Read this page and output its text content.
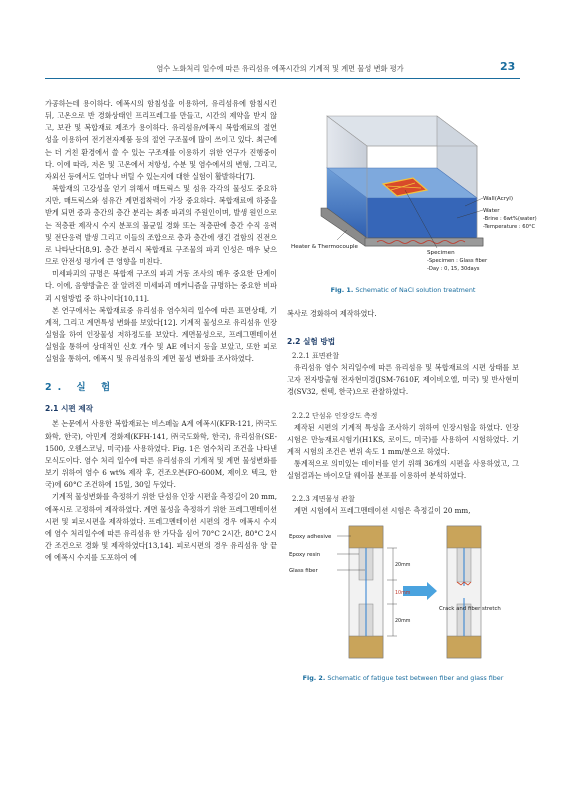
염수 노화처리 일수에 따른 유리섬유 에폭시간의 기계적 및 계면 물성 변화 평가	23

가공하는데 용이하다. 에폭시의 함침성을 이용하여, 유리섬유에 함침시킨 뒤, 고온으로 반 경화상태인 프리프레그를 만들고, 시간의 제약을 받지 않고, 보관 및 복합재료 제조가 용이하다. 유리섬유/에폭시 복합재료의 절연성을 이용하여 전기전자제품 등의 절연 구조물에 많이 쓰이고 있다. 최근에는 더 거친 환경에서 쓸 수 있는 구조재를 이용하기 위한 연구가 진행중이다. 이에 따라, 저온 및 고온에서 저항성, 수분 및 염수에서의 변형, 그리고, 자외선 등에서도 얼마나 버틸 수 있는지에 대한 실험이 활발하다[7].

복합재의 고강성을 얻기 위해서 매트릭스 및 섬유 각각의 물성도 중요하지만, 매트릭스와 섬유간 계면접착력이 가장 중요하다. 복합재료에 하중을 받게 되면 증과 층간의 층간 분리는 최종 파괴의 주원인이며, 발생 원인으로는 적층판 제작시 수지 분포의 불균일 경화 또는 적층판에 층간 수직 응력 및 전단응력 발생 그리고 이들의 조합으로 층과 층간에 생긴 결함의 진전으로 나타난다[8,9]. 층간 분리시 복합재료 구조물의 파괴 인성은 매우 낮으므로 안전성 평가에 큰 영향을 미친다.

미세파괴의 규명은 복합재 구조의 파괴 거동 조사의 매우 중요한 단계이다. 이에, 음향방출은 잘 알려진 미세파괴 메커니즘을 규명하는 중요한 비파괴 시험방법 중 하나이다[10,11].

본 연구에서는 복합재료중 유리섬유 염수처리 일수에 따른 표면상태, 기계적, 그리고 계면특성 변화를 보았다[12]. 기계적 물성으로 유리섬유 인장실험을 하여 인장물성 저하정도를 보았다. 계면물성으로, 프레그멘테이션 실험을 통하여 상대적인 신호 개수 및 AE 에너지 등을 보았고, 또한 피로 실험을 통하여, 에폭시 및 유리섬유의 계면 물성 변화를 조사하였다.

2. 실 험
2.1 시편 제작

본 논문에서 사용한 복합재료는 비스페놀 A계 에폭시(KFR-121, ㈜국도화학, 한국), 아민계 경화제(KFH-141, ㈜국도화학, 한국), 유리섬유(SE-1500, 오웬스코닝, 미국)를 사용하였다. Fig. 1은 염수처리 조건을 나타낸 모식도이다. 염수 처리 일수에 따른 유리섬유의 기계적 및 계면 물성변화를 보기 위하여 염수 6 wt% 제작 후, 건조오븐(FO-600M, 제이오 텍크, 한국)에 60°C 조건하에 15일, 30일 두었다.

기계적 물성변화를 측정하기 위한 단섬유 인장 시편을 측정길이 20 mm, 에폭시로 고정하여 제작하였다. 계면 물성을 측정하기 위한 프레그멘테이션 시편 및 피로시편을 제작하였다. 프레그멘테이션 시편의 경우 에폭시 수지에 염수 처리일수에 따른 유리섬유 한 가닥을 심어 70°C 2시간, 80°C 2시간 조건으로 경화 및 제작하였다[13,14]. 피로시편의 경우 유리섬유 양 끝에 에폭시 수지를 도포하여 에

Wall(Acryl)
Water
-Brine : 6wt%(water)
-Temperature : 60°C
Heater & Thermocouple
Specimen
-Specimen : Glass fiber
-Day : 0, 15, 30days
Fig. 1. Schematic of NaCl solution treatment

복사로 경화하여 제작하였다.

2.2 실험 방법
2.2.1 표면관찰

유리섬유 염수 처리일수에 따른 유리섬유 및 복합재료의 시편 상태를 보고자 전자방출형 전자현미경(JSM-7610F, 제이비오엘, 미국) 및 반사현미경(SV32, 썬텍, 한국)으로 관찰하였다.

2.2.2 단섬유 인장강도 측정

제작된 시편의 기계적 특성을 조사하기 위하여 인장시험을 하였다. 인장시험은 만능재료시험기(H1KS, 로이드, 미국)를 사용하여 시험하였다. 기계적 시험의 조건은 변위 속도 1 mm/분으로 하였다.

통계적으로 의미있는 데이터를 얻기 위해 36개의 시편을 사용하였고, 그 실험결과는 바이오달 웨이블 분포를 이용하여 분석하였다.

2.2.3 계면물성 관찰

계면 시험에서 프레그멘테이션 시험은 측정길이 20 mm,

Epoxy adhesive
Epoxy resin
Glass fiber
20mm
10mm
20mm
Crack and fiber stretch
Fig. 2. Schematic of fatigue test between fiber and glass fiber
